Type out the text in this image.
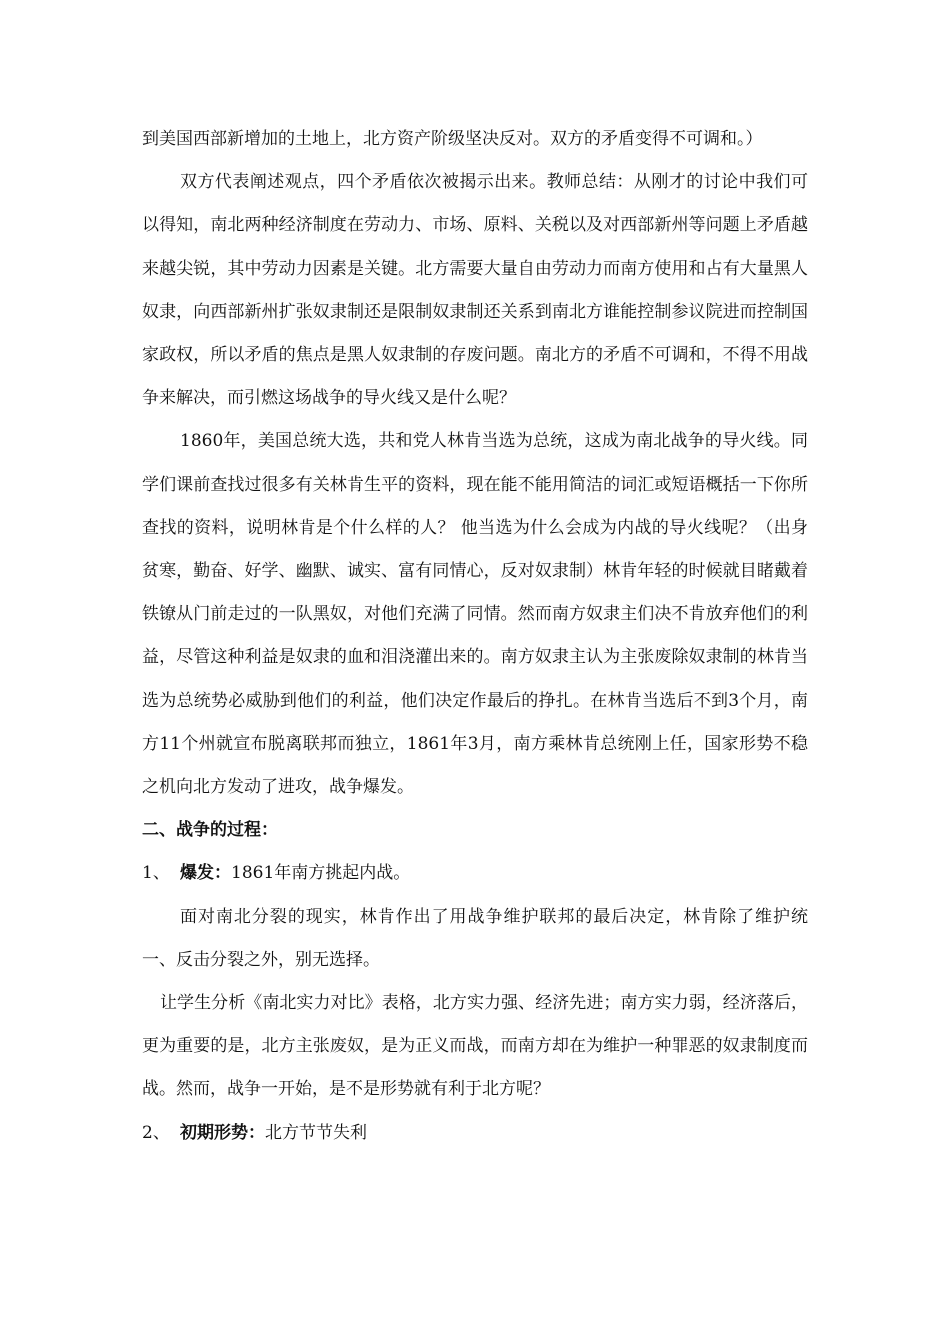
到美国西部新增加的土地上，北方资产阶级坚决反对。双方的矛盾变得不可调和。）

双方代表阐述观点，四个矛盾依次被揭示出来。教师总结：从刚才的讨论中我们可以得知，南北两种经济制度在劳动力、市场、原料、关税以及对西部新州等问题上矛盾越来越尖锐，其中劳动力因素是关键。北方需要大量自由劳动力而南方使用和占有大量黑人奴隶，向西部新州扩张奴隶制还是限制奴隶制还关系到南北方谁能控制参议院进而控制国家政权，所以矛盾的焦点是黑人奴隶制的存废问题。南北方的矛盾不可调和，不得不用战争来解决，而引燃这场战争的导火线又是什么呢？

1860年，美国总统大选，共和党人林肯当选为总统，这成为南北战争的导火线。同学们课前查找过很多有关林肯生平的资料，现在能不能用简洁的词汇或短语概括一下你所查找的资料，说明林肯是个什么样的人？ 他当选为什么会成为内战的导火线呢？（出身贫寒，勤奋、好学、幽默、诚实、富有同情心，反对奴隶制）林肯年轻的时候就目睹戴着铁镣从门前走过的一队黑奴，对他们充满了同情。然而南方奴隶主们决不肯放弃他们的利益，尽管这种利益是奴隶的血和泪浇灌出来的。南方奴隶主认为主张废除奴隶制的林肯当选为总统势必威胁到他们的利益，他们决定作最后的挣扎。在林肯当选后不到3个月，南方11个州就宣布脱离联邦而独立，1861年3月，南方乘林肯总统刚上任，国家形势不稳之机向北方发动了进攻，战争爆发。

二、战争的过程：

1、 爆发：1861年南方挑起内战。

面对南北分裂的现实，林肯作出了用战争维护联邦的最后决定，林肯除了维护统一、反击分裂之外，别无选择。

让学生分析《南北实力对比》表格，北方实力强、经济先进；南方实力弱，经济落后，更为重要的是，北方主张废奴，是为正义而战，而南方却在为维护一种罪恶的奴隶制度而战。然而，战争一开始，是不是形势就有利于北方呢？

2、 初期形势：北方节节失利
